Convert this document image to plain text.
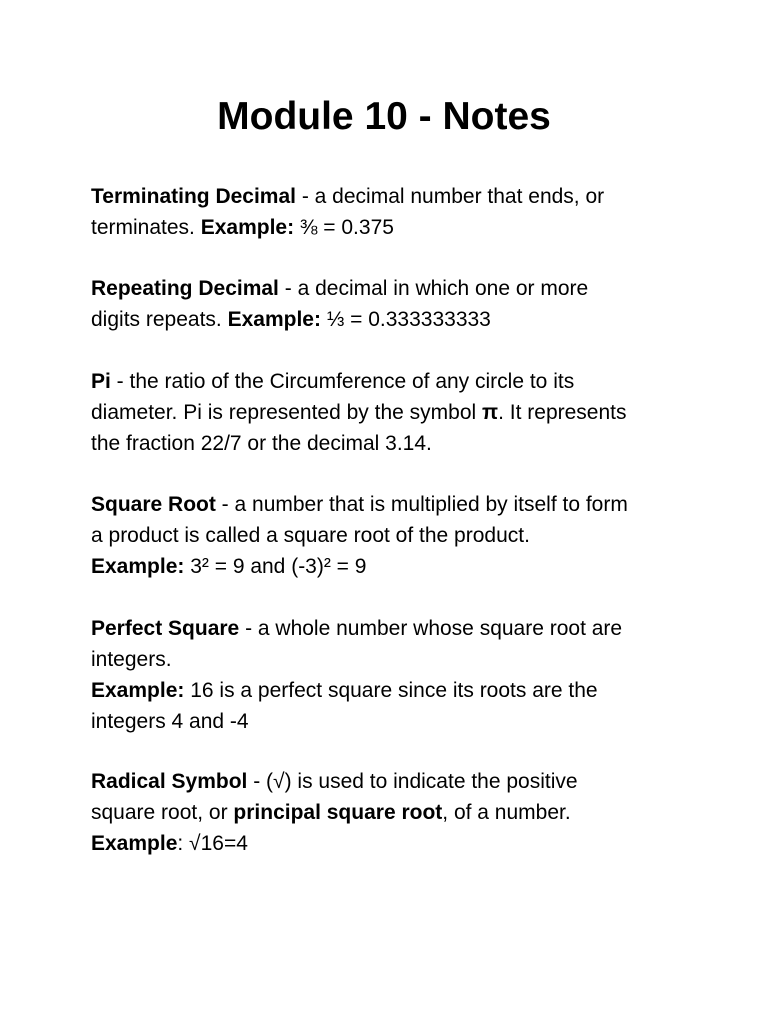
Module 10 - Notes

Terminating Decimal - a decimal number that ends, or
terminates. Example: ⅜ = 0.375

Repeating Decimal - a decimal in which one or more
digits repeats. Example: ⅓ = 0.333333333

Pi - the ratio of the Circumference of any circle to its
diameter. Pi is represented by the symbol π. It represents
the fraction 22/7 or the decimal 3.14.

Square Root - a number that is multiplied by itself to form
a product is called a square root of the product.
Example: 3² = 9 and (-3)² = 9

Perfect Square - a whole number whose square root are
integers.
Example: 16 is a perfect square since its roots are the
integers 4 and -4

Radical Symbol - (√) is used to indicate the positive
square root, or principal square root, of a number.
Example: √16=4
